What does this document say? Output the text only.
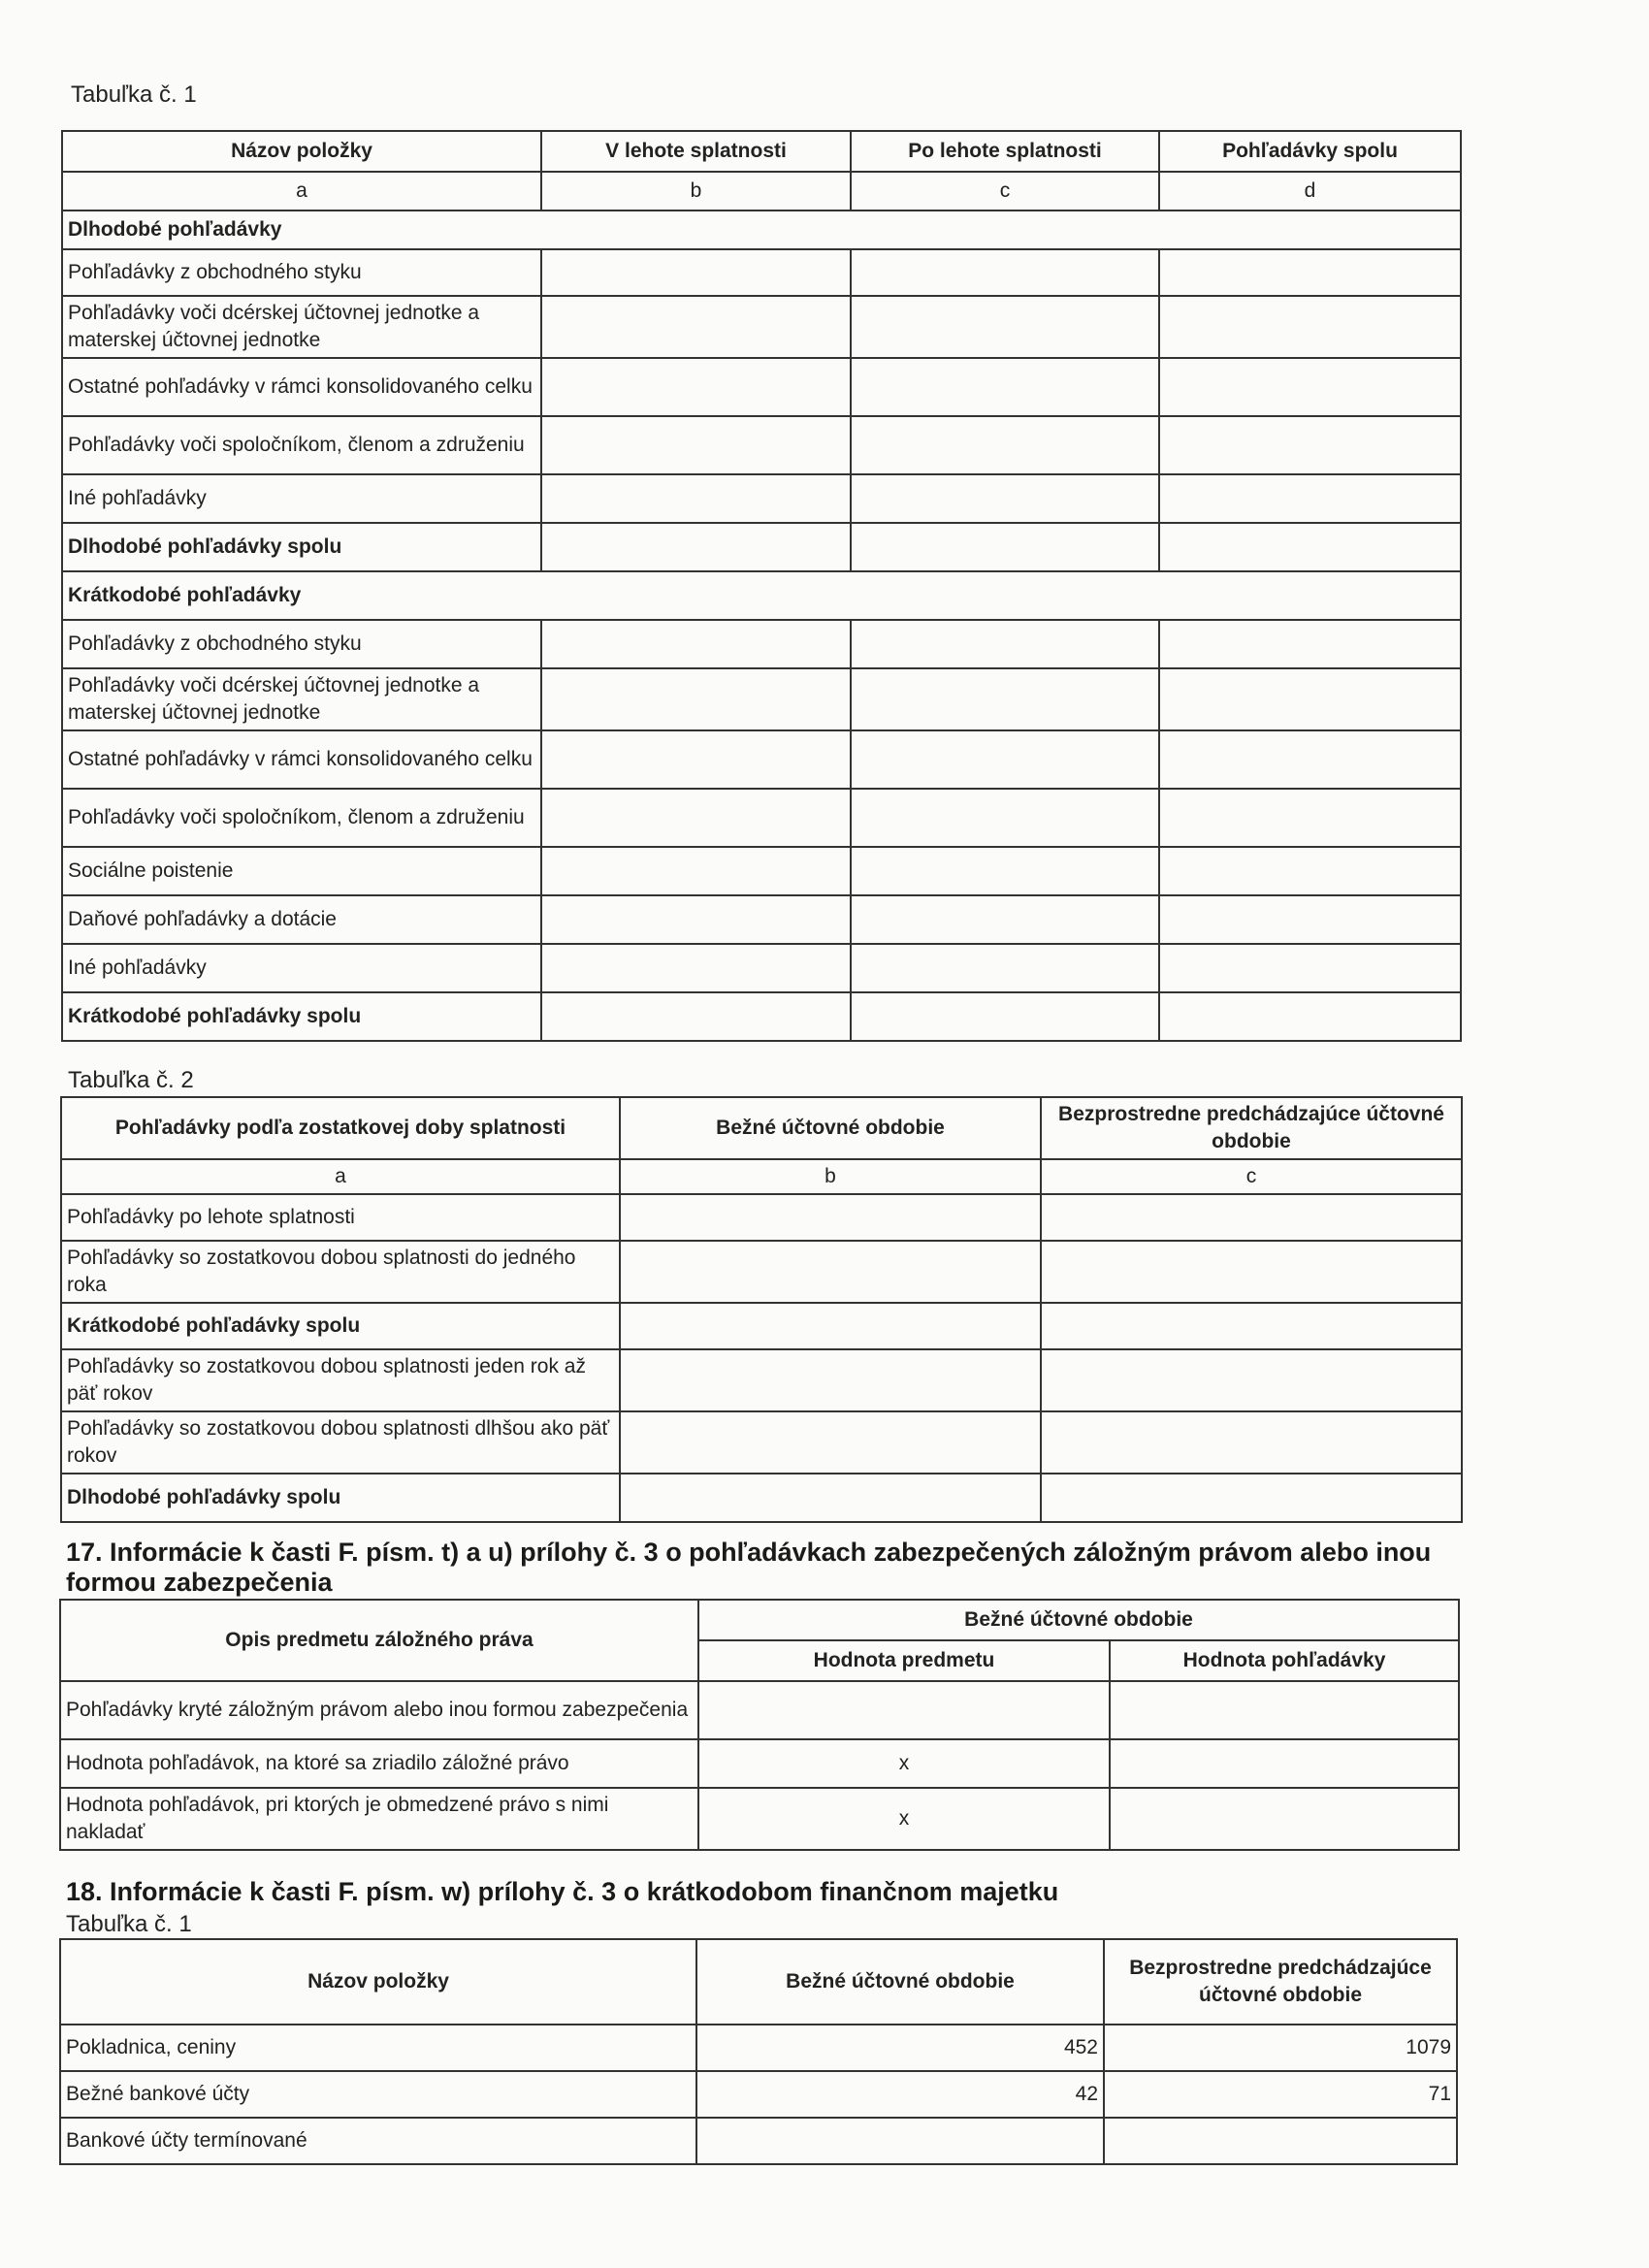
Tabuľka č. 1
Názov položky	V lehote splatnosti	Po lehote splatnosti	Pohľadávky spolu
a	b	c	d
Dlhodobé pohľadávky			
Pohľadávky z obchodného styku			
Pohľadávky voči dcérskej účtovnej jednotke a materskej účtovnej jednotke			
Ostatné pohľadávky v rámci konsolidovaného celku			
Pohľadávky voči spoločníkom, členom a združeniu			
Iné pohľadávky			
Dlhodobé pohľadávky spolu			
Krátkodobé pohľadávky			
Pohľadávky z obchodného styku			
Pohľadávky voči dcérskej účtovnej jednotke a materskej účtovnej jednotke			
Ostatné pohľadávky v rámci konsolidovaného celku			
Pohľadávky voči spoločníkom, členom a združeniu			
Sociálne poistenie			
Daňové pohľadávky a dotácie			
Iné pohľadávky			
Krátkodobé pohľadávky spolu			
Tabuľka č. 2
Pohľadávky podľa zostatkovej doby splatnosti	Bežné účtovné obdobie	Bezprostredne predchádzajúce účtovné obdobie
a	b	c
Pohľadávky po lehote splatnosti		
Pohľadávky so zostatkovou dobou splatnosti do jedného roka		
Krátkodobé pohľadávky spolu		
Pohľadávky so zostatkovou dobou splatnosti jeden rok až päť rokov		
Pohľadávky so zostatkovou dobou splatnosti dlhšou ako päť rokov		
Dlhodobé pohľadávky spolu		
17. Informácie k časti F. písm. t) a u) prílohy č. 3 o pohľadávkach zabezpečených záložným právom alebo inou formou zabezpečenia
Opis predmetu záložného práva	Bežné účtovné obdobie	
	Hodnota predmetu	Hodnota pohľadávky
Pohľadávky kryté záložným právom alebo inou formou zabezpečenia		
Hodnota pohľadávok, na ktoré sa zriadilo záložné právo	x	
Hodnota pohľadávok, pri ktorých je obmedzené právo s nimi nakladať	x	
18. Informácie k časti F. písm. w) prílohy č. 3 o krátkodobom finančnom majetku
Tabuľka č. 1
Názov položky	Bežné účtovné obdobie	Bezprostredne predchádzajúce účtovné obdobie
Pokladnica, ceniny	452	1079
Bežné bankové účty	42	71
Bankové účty termínované		
